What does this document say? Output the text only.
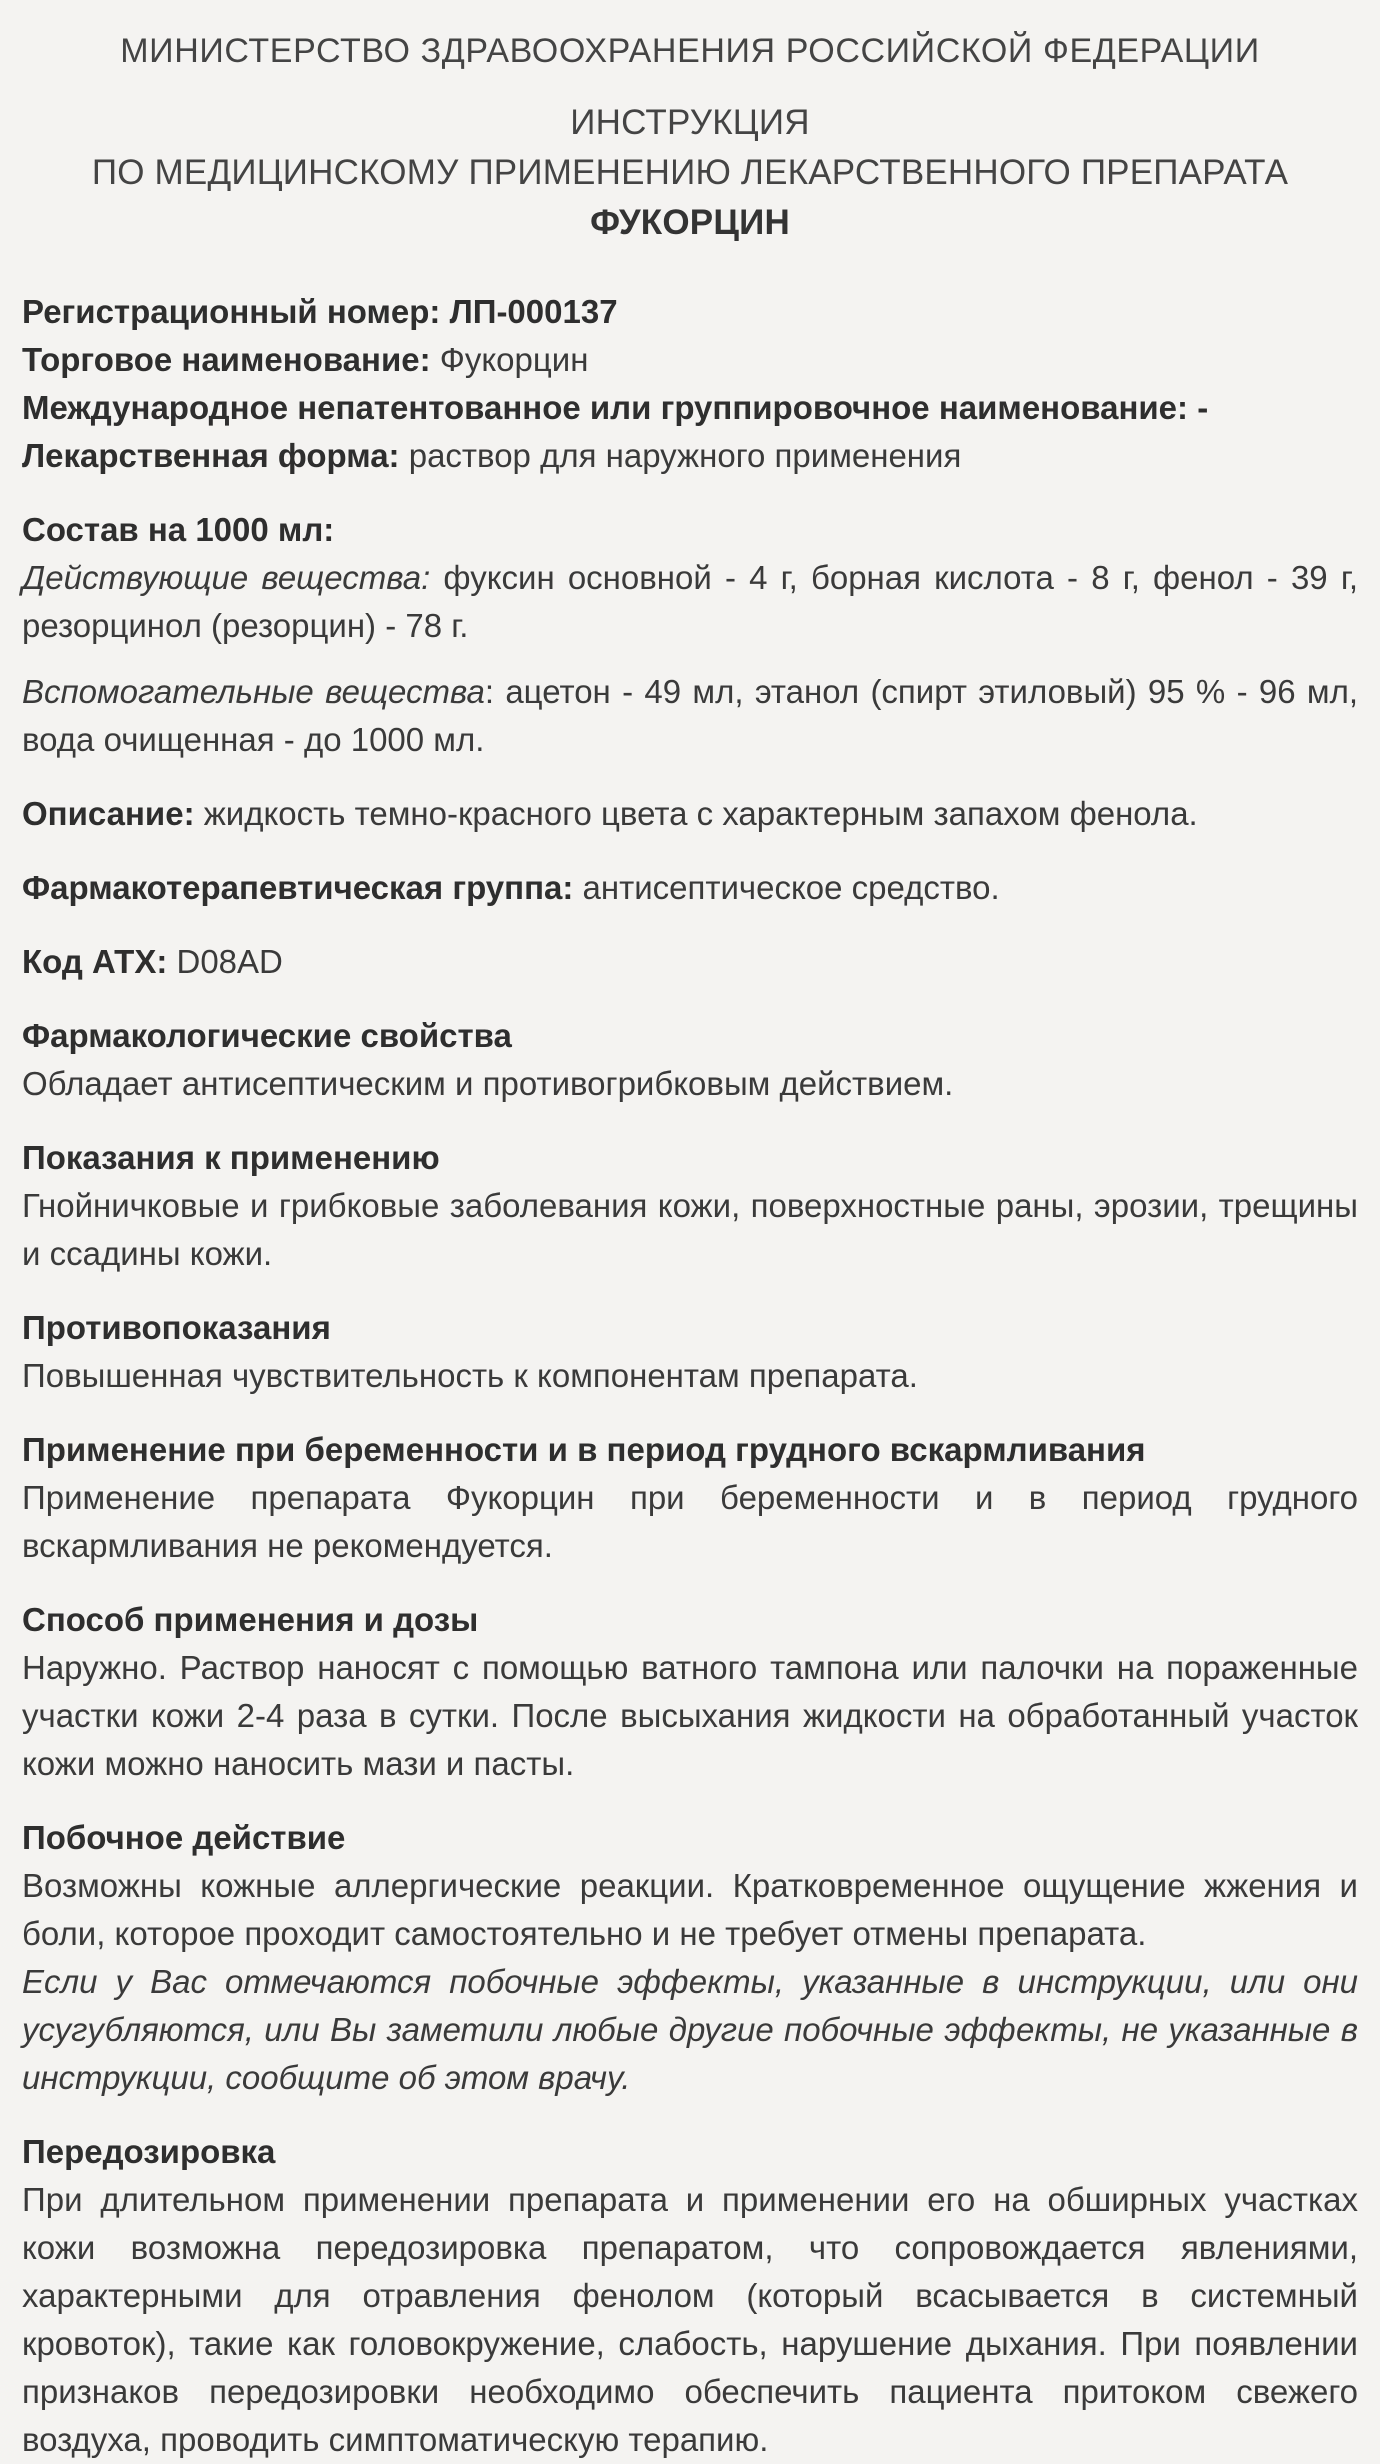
МИНИСТЕРСТВО ЗДРАВООХРАНЕНИЯ РОССИЙСКОЙ ФЕДЕРАЦИИ
ИНСТРУКЦИЯ
ПО МЕДИЦИНСКОМУ ПРИМЕНЕНИЮ ЛЕКАРСТВЕННОГО ПРЕПАРАТА
ФУКОРЦИН
Регистрационный номер: ЛП-000137
Торговое наименование: Фукорцин
Международное непатентованное или группировочное наименование: -
Лекарственная форма: раствор для наружного применения
Состав на 1000 мл:
Действующие вещества: фуксин основной - 4 г, борная кислота - 8 г, фенол - 39 г, резорцинол (резорцин) - 78 г.
Вспомогательные вещества: ацетон - 49 мл, этанол (спирт этиловый) 95 % - 96 мл, вода очищенная - до 1000 мл.
Описание: жидкость темно-красного цвета с характерным запахом фенола.
Фармакотерапевтическая группа: антисептическое средство.
Код АТХ: D08AD
Фармакологические свойства
Обладает антисептическим и противогрибковым действием.
Показания к применению
Гнойничковые и грибковые заболевания кожи, поверхностные раны, эрозии, трещины и ссадины кожи.
Противопоказания
Повышенная чувствительность к компонентам препарата.
Применение при беременности и в период грудного вскармливания
Применение препарата Фукорцин при беременности и в период грудного вскармливания не рекомендуется.
Способ применения и дозы
Наружно. Раствор наносят с помощью ватного тампона или палочки на пораженные участки кожи 2-4 раза в сутки. После высыхания жидкости на обработанный участок кожи можно наносить мази и пасты.
Побочное действие
Возможны кожные аллергические реакции. Кратковременное ощущение жжения и боли, которое проходит самостоятельно и не требует отмены препарата.
Если у Вас отмечаются побочные эффекты, указанные в инструкции, или они усугубляются, или Вы заметили любые другие побочные эффекты, не указанные в инструкции, сообщите об этом врачу.
Передозировка
При длительном применении препарата и применении его на обширных участках кожи возможна передозировка препаратом, что сопровождается явлениями, характерными для отравления фенолом (который всасывается в системный кровоток), такие как головокружение, слабость, нарушение дыхания. При появлении признаков передозировки необходимо обеспечить пациента притоком свежего воздуха, проводить симптоматическую терапию.
